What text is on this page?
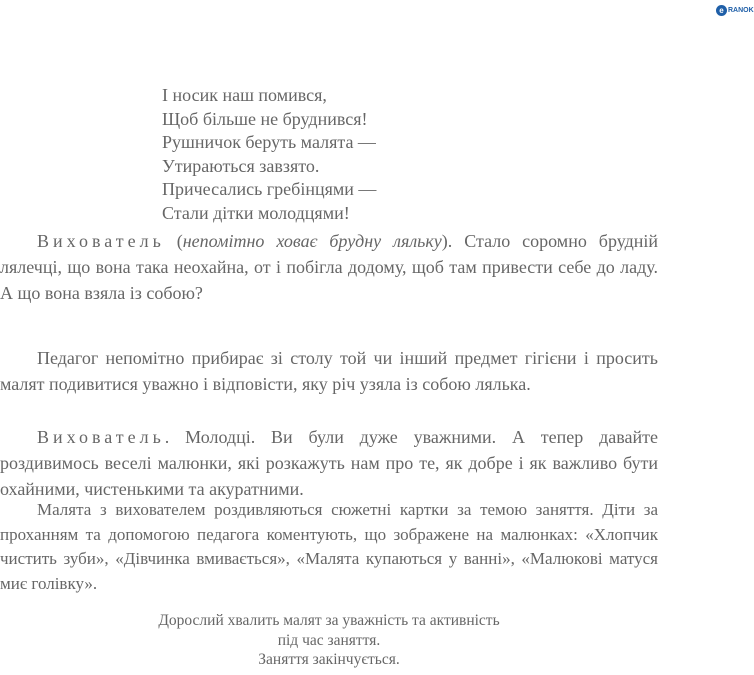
e RANOK
І носик наш помився,
Щоб більше не бруднився!
Рушничок беруть малята —
Утираються завзято.
Причесались гребінцями —
Стали дітки молодцями!
Вихователь (непомітно ховає брудну ляльку). Стало соромно брудній лялечці, що вона така неохайна, от і побігла додому, щоб там привести себе до ладу. А що вона взяла із собою?
Педагог непомітно прибирає зі столу той чи інший предмет гігієни і просить малят подивитися уважно і відповісти, яку річ узяла із собою лялька.
Вихователь. Молодці. Ви були дуже уважними. А тепер давайте роздивимось веселі малюнки, які розкажуть нам про те, як добре і як важливо бути охайними, чистенькими та акуратними.
Малята з вихователем роздивляються сюжетні картки за темою заняття. Діти за проханням та допомогою педагога коментують, що зображене на малюнках: «Хлопчик чистить зуби», «Дівчинка вмивається», «Малята купаються у ванні», «Малюкові матуся миє голівку».
Дорослий хвалить малят за уважність та активність
під час заняття.
Заняття закінчується.
